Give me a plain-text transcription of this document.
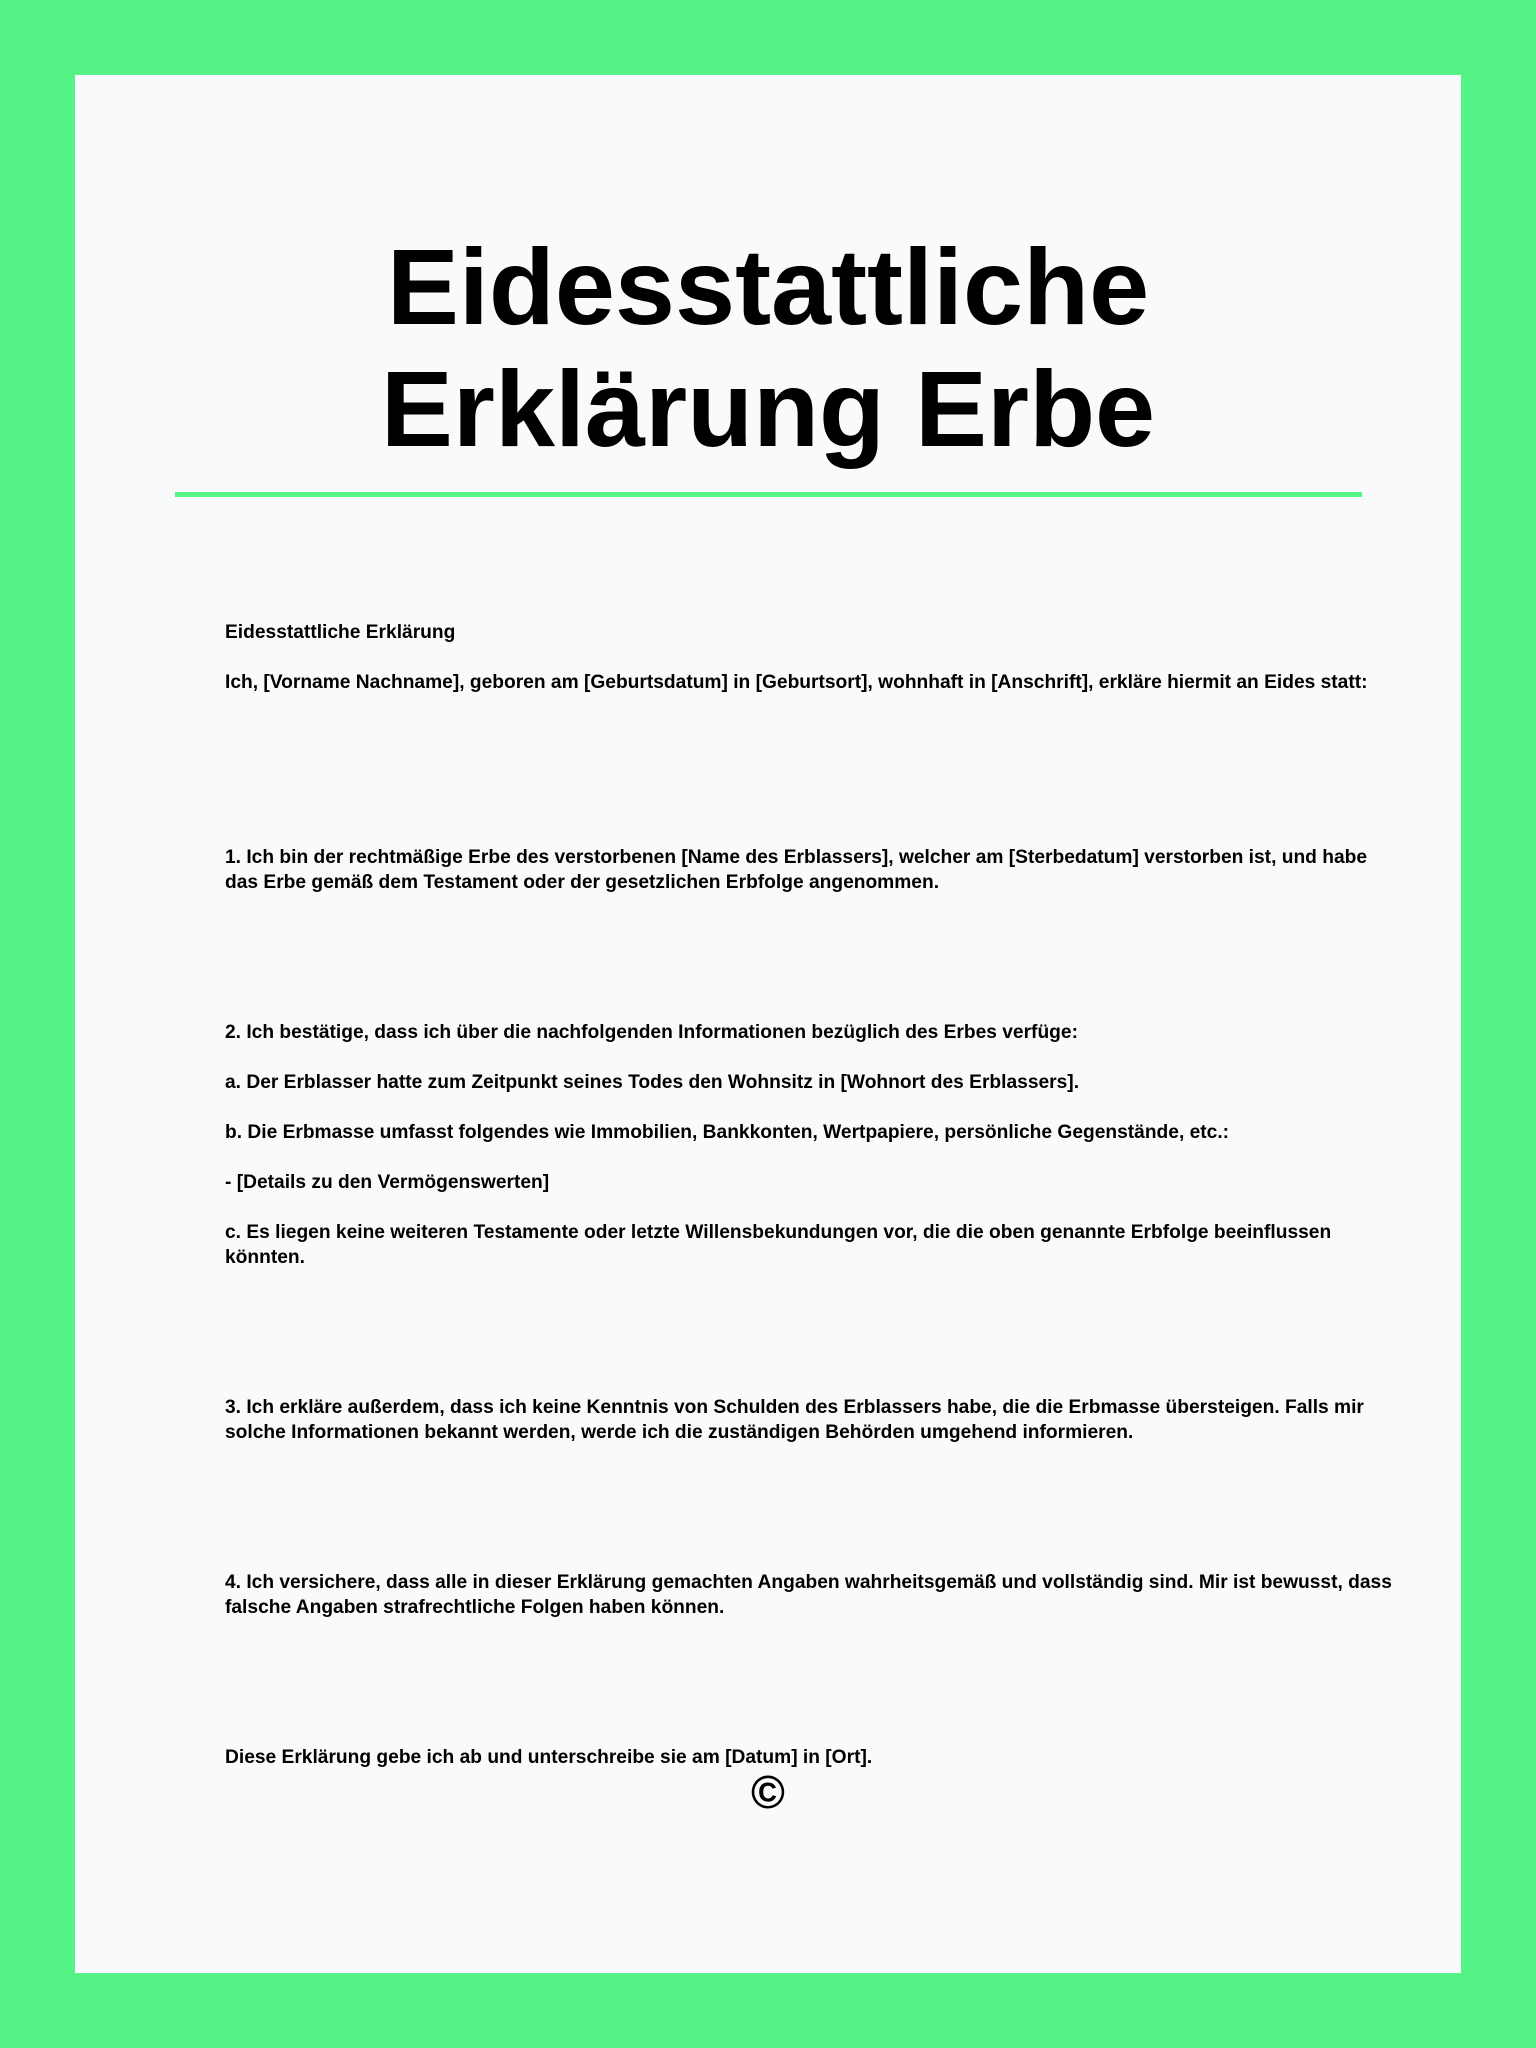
Eidesstattliche
Erklärung Erbe

Eidesstattliche Erklärung

Ich, [Vorname Nachname], geboren am [Geburtsdatum] in [Geburtsort], wohnhaft in [Anschrift], erkläre hiermit an Eides statt:

1. Ich bin der rechtmäßige Erbe des verstorbenen [Name des Erblassers], welcher am [Sterbedatum] verstorben ist, und habe das Erbe gemäß dem Testament oder der gesetzlichen Erbfolge angenommen.

2. Ich bestätige, dass ich über die nachfolgenden Informationen bezüglich des Erbes verfüge:

a. Der Erblasser hatte zum Zeitpunkt seines Todes den Wohnsitz in [Wohnort des Erblassers].

b. Die Erbmasse umfasst folgendes wie Immobilien, Bankkonten, Wertpapiere, persönliche Gegenstände, etc.:

- [Details zu den Vermögenswerten]

c. Es liegen keine weiteren Testamente oder letzte Willensbekundungen vor, die die oben genannte Erbfolge beeinflussen könnten.

3. Ich erkläre außerdem, dass ich keine Kenntnis von Schulden des Erblassers habe, die die Erbmasse übersteigen. Falls mir solche Informationen bekannt werden, werde ich die zuständigen Behörden umgehend informieren.

4. Ich versichere, dass alle in dieser Erklärung gemachten Angaben wahrheitsgemäß und vollständig sind. Mir ist bewusst, dass falsche Angaben strafrechtliche Folgen haben können.

Diese Erklärung gebe ich ab und unterschreibe sie am [Datum] in [Ort].

©
